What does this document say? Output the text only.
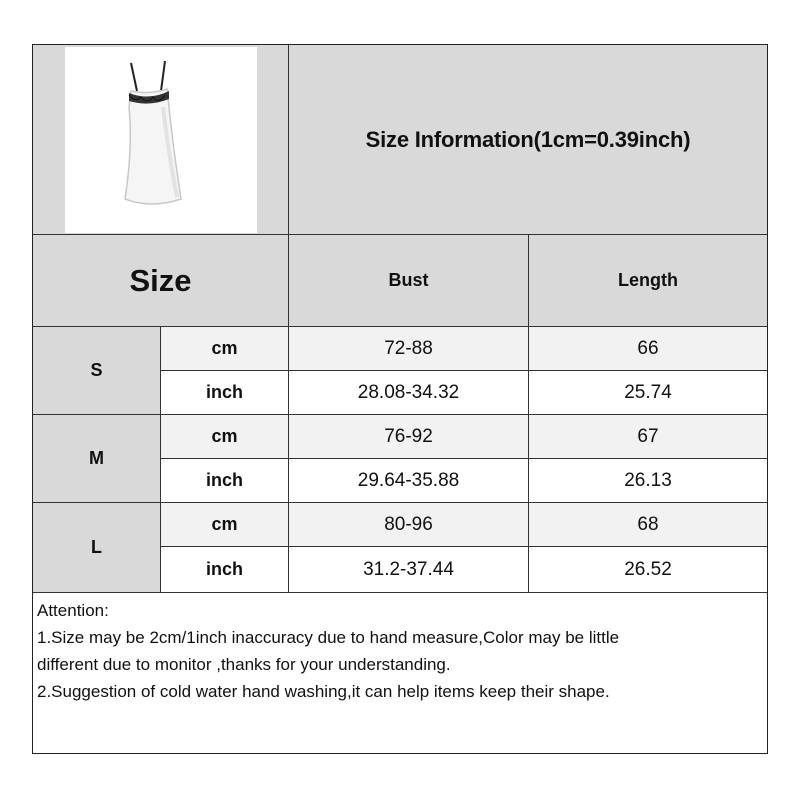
Size Information(1cm=0.39inch)
Size	Bust	Length
S
cm	72-88	66
inch	28.08-34.32	25.74
M
cm	76-92	67
inch	29.64-35.88	26.13
L
cm	80-96	68
inch	31.2-37.44	26.52
Attention:
1.Size may be 2cm/1inch inaccuracy due to hand measure,Color may be little
different due to monitor ,thanks for your understanding.
2.Suggestion of cold water hand washing,it can help items keep their shape.
